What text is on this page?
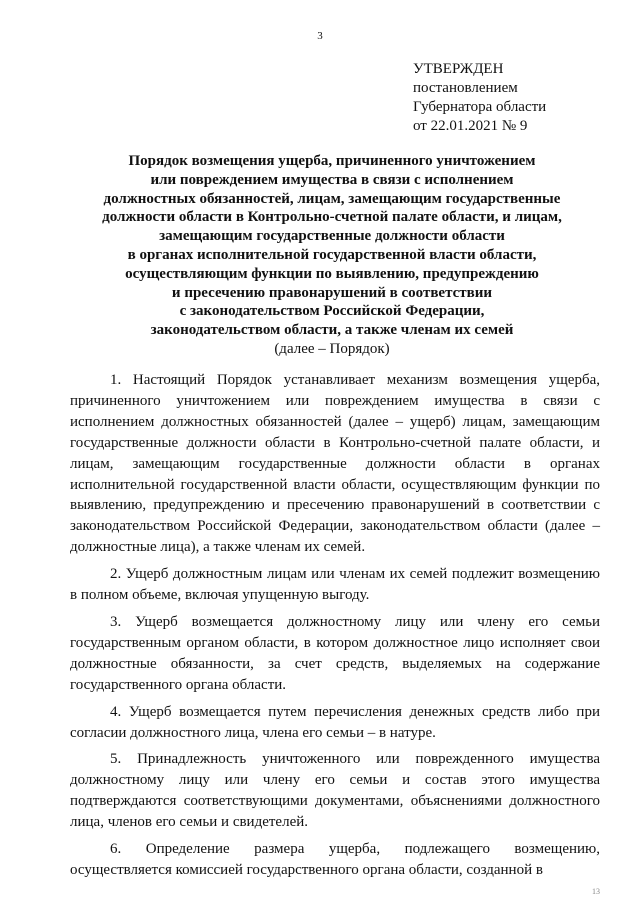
3
УТВЕРЖДЕН
постановлением
Губернатора области
от 22.01.2021 № 9
Порядок возмещения ущерба, причиненного уничтожением
или повреждением имущества в связи с исполнением
должностных обязанностей, лицам, замещающим государственные
должности области в Контрольно-счетной палате области, и лицам,
замещающим государственные должности области
в органах исполнительной государственной власти области,
осуществляющим функции по выявлению, предупреждению
и пресечению правонарушений в соответствии
с законодательством Российской Федерации,
законодательством области, а также членам их семей
(далее – Порядок)

1. Настоящий Порядок устанавливает механизм возмещения ущерба, причиненного уничтожением или повреждением имущества в связи с исполнением должностных обязанностей (далее – ущерб) лицам, замещающим государственные должности области в Контрольно-счетной палате области, и лицам, замещающим государственные должности области в органах исполнительной государственной власти области, осуществляющим функции по выявлению, предупреждению и пресечению правонарушений в соответствии с законодательством Российской Федерации, законодательством области (далее – должностные лица), а также членам их семей.

2. Ущерб должностным лицам или членам их семей подлежит возмещению в полном объеме, включая упущенную выгоду.

3. Ущерб возмещается должностному лицу или члену его семьи государственным органом области, в котором должностное лицо исполняет свои должностные обязанности, за счет средств, выделяемых на содержание государственного органа области.

4. Ущерб возмещается путем перечисления денежных средств либо при согласии должностного лица, члена его семьи – в натуре.

5. Принадлежность уничтоженного или поврежденного имущества должностному лицу или члену его семьи и состав этого имущества подтверждаются соответствующими документами, объяснениями должностного лица, членов его семьи и свидетелей.

6. Определение размера ущерба, подлежащего возмещению, осуществляется комиссией государственного органа области, созданной в

13
